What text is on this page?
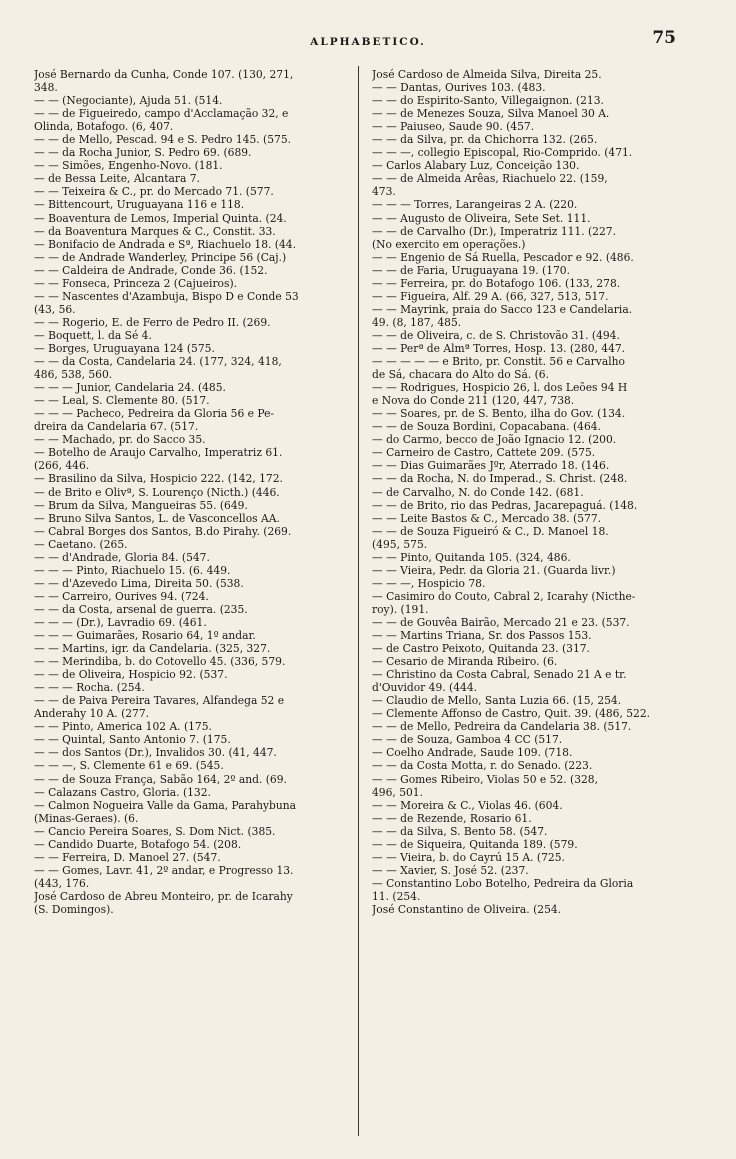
ALPHABETICO.	75
José Bernardo da Cunha, Conde 107. (130, 271,
348.
— — (Negociante), Ajuda 51. (514.
— — de Figueiredo, campo d'Acclamação 32, e
Olinda, Botafogo. (6, 407.
— — de Mello, Pescad. 94 e S. Pedro 145. (575.
— — da Rocha Junior, S. Pedro 69. (689.
— — Simões, Engenho-Novo. (181.
— de Bessa Leite, Alcantara 7.
— — Teixeira & C., pr. do Mercado 71. (577.
— Bittencourt, Uruguayana 116 e 118.
— Boaventura de Lemos, Imperial Quinta. (24.
— da Boaventura Marques & C., Constit. 33.
— Bonifacio de Andrada e Sª, Riachuelo 18. (44.
— — de Andrade Wanderley, Principe 56 (Caj.)
— — Caldeira de Andrade, Conde 36. (152.
— — Fonseca, Princeza 2 (Cajueiros).
— — Nascentes d'Azambuja, Bispo D e Conde 53
(43, 56.
— — Rogerio, E. de Ferro de Pedro II. (269.
— Boquett, l. da Sé 4.
— Borges, Uruguayana 124 (575.
— — da Costa, Candelaria 24. (177, 324, 418,
486, 538, 560.
— — — Junior, Candelaria 24. (485.
— — Leal, S. Clemente 80. (517.
— — — Pacheco, Pedreira da Gloria 56 e Pe-
dreira da Candelaria 67. (517.
— — Machado, pr. do Sacco 35.
— Botelho de Araujo Carvalho, Imperatriz 61.
(266, 446.
— Brasilino da Silva, Hospicio 222. (142, 172.
— de Brito e Olivª, S. Lourenço (Nicth.) (446.
— Brum da Silva, Mangueiras 55. (649.
— Bruno Silva Santos, L. de Vasconcellos AA.
— Cabral Borges dos Santos, B.do Pirahy. (269.
— Caetano. (265.
— — d'Andrade, Gloria 84. (547.
— — — Pinto, Riachuelo 15. (6. 449.
— — d'Azevedo Lima, Direita 50. (538.
— — Carreiro, Ourives 94. (724.
— — da Costa, arsenal de guerra. (235.
— — — (Dr.), Lavradio 69. (461.
— — — Guimarães, Rosario 64, 1º andar.
— — Martins, igr. da Candelaria. (325, 327.
— — Merindiba, b. do Cotovello 45. (336, 579.
— — de Oliveira, Hospicio 92. (537.
— — — Rocha. (254.
— — de Paiva Pereira Tavares, Alfandega 52 e
Anderahy 10 A. (277.
— — Pinto, America 102 A. (175.
— — Quintal, Santo Antonio 7. (175.
— — dos Santos (Dr.), Invalidos 30. (41, 447.
— — —, S. Clemente 61 e 69. (545.
— — de Souza França, Sabão 164, 2º and. (69.
— Calazans Castro, Gloria. (132.
— Calmon Nogueira Valle da Gama, Parahybuna
(Minas-Geraes). (6.
— Cancio Pereira Soares, S. Dom Nict. (385.
— Candido Duarte, Botafogo 54. (208.
— — Ferreira, D. Manoel 27. (547.
— — Gomes, Lavr. 41, 2º andar, e Progresso 13.
(443, 176.
José Cardoso de Abreu Monteiro, pr. de Icarahy
(S. Domingos).
José Cardoso de Almeida Silva, Direita 25.
— — Dantas, Ourives 103. (483.
— — do Espirito-Santo, Villegaignon. (213.
— — de Menezes Souza, Silva Manoel 30 A.
— — Paiuseo, Saude 90. (457.
— — da Silva, pr. da Chichorra 132. (265.
— — —, collegio Episcopal, Rio-Comprido. (471.
— Carlos Alabary Luz, Conceição 130.
— — de Almeida Arêas, Riachuelo 22. (159,
473.
— — — Torres, Larangeiras 2 A. (220.
— — Augusto de Oliveira, Sete Set. 111.
— — de Carvalho (Dr.), Imperatriz 111. (227.
(No exercito em operações.)
— — Engenio de Sá Ruella, Pescador e 92. (486.
— — de Faria, Uruguayana 19. (170.
— — Ferreira, pr. do Botafogo 106. (133, 278.
— — Figueira, Alf. 29 A. (66, 327, 513, 517.
— — Mayrink, praia do Sacco 123 e Candelaria.
49. (8, 187, 485.
— — de Oliveira, c. de S. Christovão 31. (494.
— — Perª de Almª Torres, Hosp. 13. (280, 447.
— — — — — e Brito, pr. Constit. 56 e Carvalho
de Sá, chacara do Alto do Sá. (6.
— — Rodrigues, Hospicio 26, l. dos Leões 94 H
e Nova do Conde 211 (120, 447, 738.
— — Soares, pr. de S. Bento, ilha do Gov. (134.
— — de Souza Bordini, Copacabana. (464.
— do Carmo, becco de João Ignacio 12. (200.
— Carneiro de Castro, Cattete 209. (575.
— — Dias Guimarães Jºr, Aterrado 18. (146.
— — da Rocha, N. do Imperad., S. Christ. (248.
— de Carvalho, N. do Conde 142. (681.
— — de Brito, rio das Pedras, Jacarepaguá. (148.
— — Leite Bastos & C., Mercado 38. (577.
— — de Souza Figueiró & C., D. Manoel 18.
(495, 575.
— — Pinto, Quitanda 105. (324, 486.
— — Vieira, Pedr. da Gloria 21. (Guarda livr.)
— — —, Hospicio 78.
— Casimiro do Couto, Cabral 2, Icarahy (Nicthe-
roy). (191.
— — de Gouvêa Bairão, Mercado 21 e 23. (537.
— — Martins Triana, Sr. dos Passos 153.
— de Castro Peixoto, Quitanda 23. (317.
— Cesario de Miranda Ribeiro. (6.
— Christino da Costa Cabral, Senado 21 A e tr.
d'Ouvidor 49. (444.
— Claudio de Mello, Santa Luzia 66. (15, 254.
— Clemente Affonso de Castro, Quit. 39. (486, 522.
— — de Mello, Pedreira da Candelaria 38. (517.
— — de Souza, Gamboa 4 CC (517.
— Coelho Andrade, Saude 109. (718.
— — da Costa Motta, r. do Senado. (223.
— — Gomes Ribeiro, Violas 50 e 52. (328,
496, 501.
— — Moreira & C., Violas 46. (604.
— — de Rezende, Rosario 61.
— — da Silva, S. Bento 58. (547.
— — de Siqueira, Quitanda 189. (579.
— — Vieira, b. do Cayrú 15 A. (725.
— — Xavier, S. José 52. (237.
— Constantino Lobo Botelho, Pedreira da Gloria
11. (254.
José Constantino de Oliveira. (254.
